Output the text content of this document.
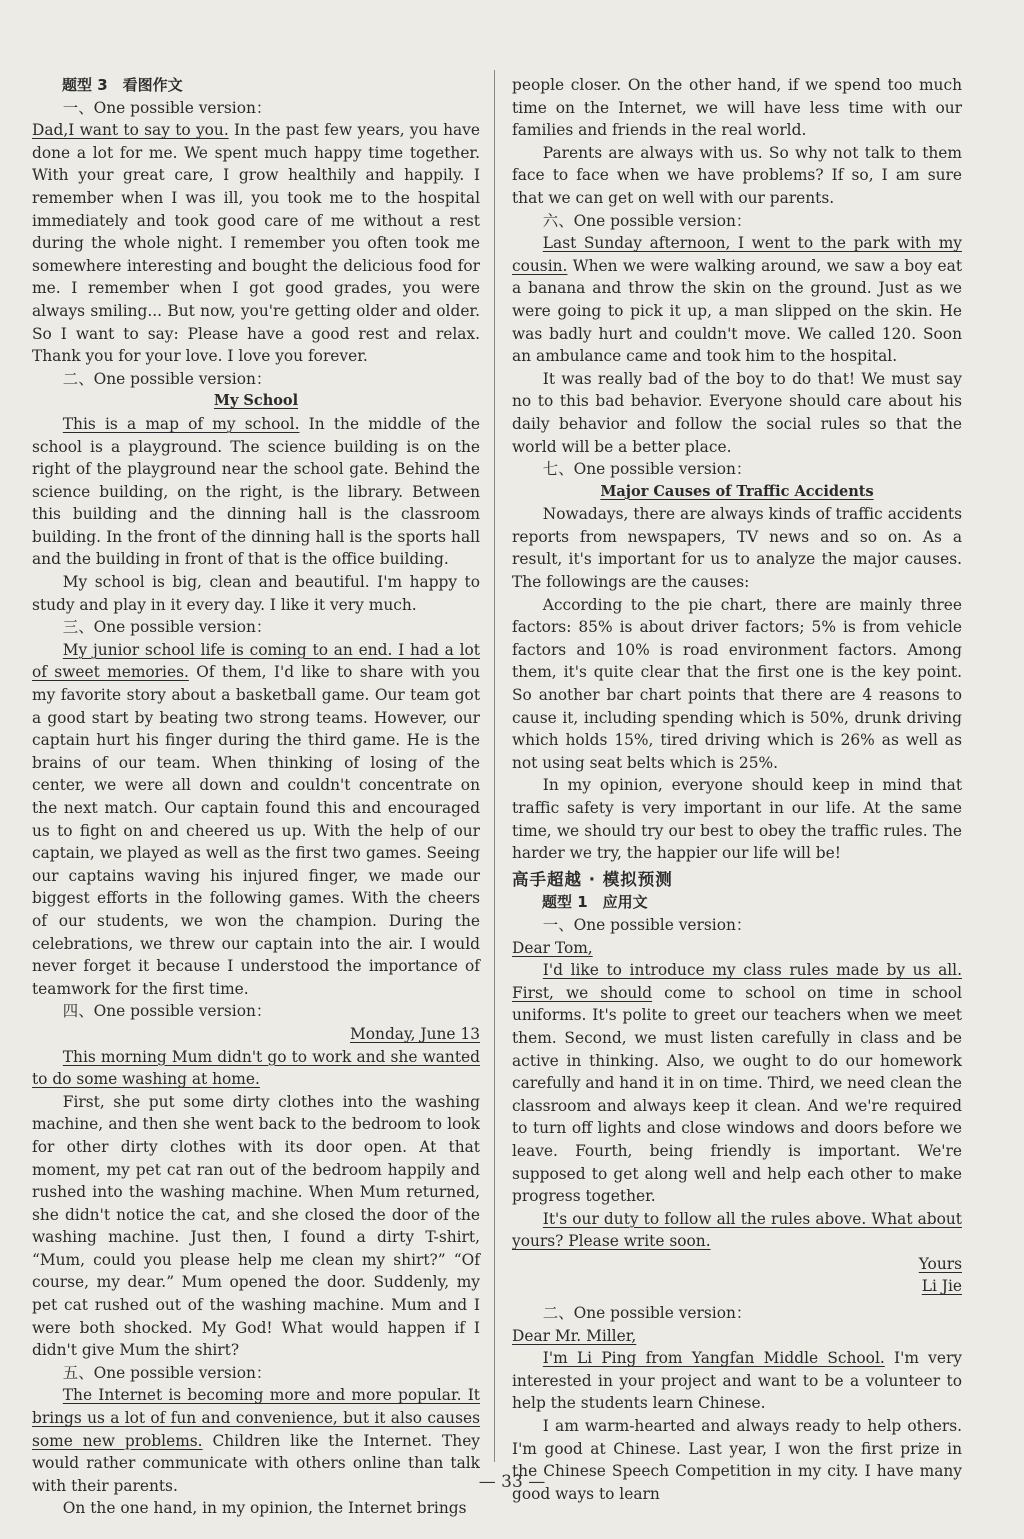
题型 3　看图作文

一、One possible version：

Dad,I want to say to you. In the past few years, you have done a lot for me. We spent much happy time together. With your great care, I grow healthily and happily. I remember when I was ill, you took me to the hospital immediately and took good care of me without a rest during the whole night. I remember you often took me somewhere interesting and bought the delicious food for me. I remember when I got good grades, you were always smiling... But now, you're getting older and older. So I want to say: Please have a good rest and relax. Thank you for your love. I love you forever.

二、One possible version：

My School

This is a map of my school. In the middle of the school is a playground. The science building is on the right of the playground near the school gate. Behind the science building, on the right, is the library. Between this building and the dinning hall is the classroom building. In the front of the dinning hall is the sports hall and the building in front of that is the office building.

My school is big, clean and beautiful. I'm happy to study and play in it every day. I like it very much.

三、One possible version：

My junior school life is coming to an end. I had a lot of sweet memories. Of them, I'd like to share with you my favorite story about a basketball game. Our team got a good start by beating two strong teams. However, our captain hurt his finger during the third game. He is the brains of our team. When thinking of losing of the center, we were all down and couldn't concentrate on the next match. Our captain found this and encouraged us to fight on and cheered us up. With the help of our captain, we played as well as the first two games. Seeing our captains waving his injured finger, we made our biggest efforts in the following games. With the cheers of our students, we won the champion. During the celebrations, we threw our captain into the air. I would never forget it because I understood the importance of teamwork for the first time.

四、One possible version：

Monday, June 13

This morning Mum didn't go to work and she wanted to do some washing at home.

First, she put some dirty clothes into the washing machine, and then she went back to the bedroom to look for other dirty clothes with its door open. At that moment, my pet cat ran out of the bedroom happily and rushed into the washing machine. When Mum returned, she didn't notice the cat, and she closed the door of the washing machine. Just then, I found a dirty T-shirt, “Mum, could you please help me clean my shirt?” “Of course, my dear.” Mum opened the door. Suddenly, my pet cat rushed out of the washing machine. Mum and I were both shocked. My God! What would happen if I didn't give Mum the shirt?

五、One possible version：

The Internet is becoming more and more popular. It brings us a lot of fun and convenience, but it also causes some new problems. Children like the Internet. They would rather communicate with others online than talk with their parents.

On the one hand, in my opinion, the Internet brings

people closer. On the other hand, if we spend too much time on the Internet, we will have less time with our families and friends in the real world.

Parents are always with us. So why not talk to them face to face when we have problems? If so, I am sure that we can get on well with our parents.

六、One possible version：

Last Sunday afternoon, I went to the park with my cousin. When we were walking around, we saw a boy eat a banana and throw the skin on the ground. Just as we were going to pick it up, a man slipped on the skin. He was badly hurt and couldn't move. We called 120. Soon an ambulance came and took him to the hospital.

It was really bad of the boy to do that! We must say no to this bad behavior. Everyone should care about his daily behavior and follow the social rules so that the world will be a better place.

七、One possible version：

Major Causes of Traffic Accidents

Nowadays, there are always kinds of traffic accidents reports from newspapers, TV news and so on. As a result, it's important for us to analyze the major causes. The followings are the causes:

According to the pie chart, there are mainly three factors: 85% is about driver factors; 5% is from vehicle factors and 10% is road environment factors. Among them, it's quite clear that the first one is the key point. So another bar chart points that there are 4 reasons to cause it, including spending which is 50%, drunk driving which holds 15%, tired driving which is 26% as well as not using seat belts which is 25%.

In my opinion, everyone should keep in mind that traffic safety is very important in our life. At the same time, we should try our best to obey the traffic rules. The harder we try, the happier our life will be!

高手超越 · 模拟预测

题型 1　应用文

一、One possible version：

Dear Tom,

I'd like to introduce my class rules made by us all. First, we should come to school on time in school uniforms. It's polite to greet our teachers when we meet them. Second, we must listen carefully in class and be active in thinking. Also, we ought to do our homework carefully and hand it in on time. Third, we need clean the classroom and always keep it clean. And we're required to turn off lights and close windows and doors before we leave. Fourth, being friendly is important. We're supposed to get along well and help each other to make progress together.

It's our duty to follow all the rules above. What about yours? Please write soon.

Yours

Li Jie

二、One possible version：

Dear Mr. Miller,

I'm Li Ping from Yangfan Middle School. I'm very interested in your project and want to be a volunteer to help the students learn Chinese.

I am warm-hearted and always ready to help others. I'm good at Chinese. Last year, I won the first prize in the Chinese Speech Competition in my city. I have many good ways to learn

— 33 —
